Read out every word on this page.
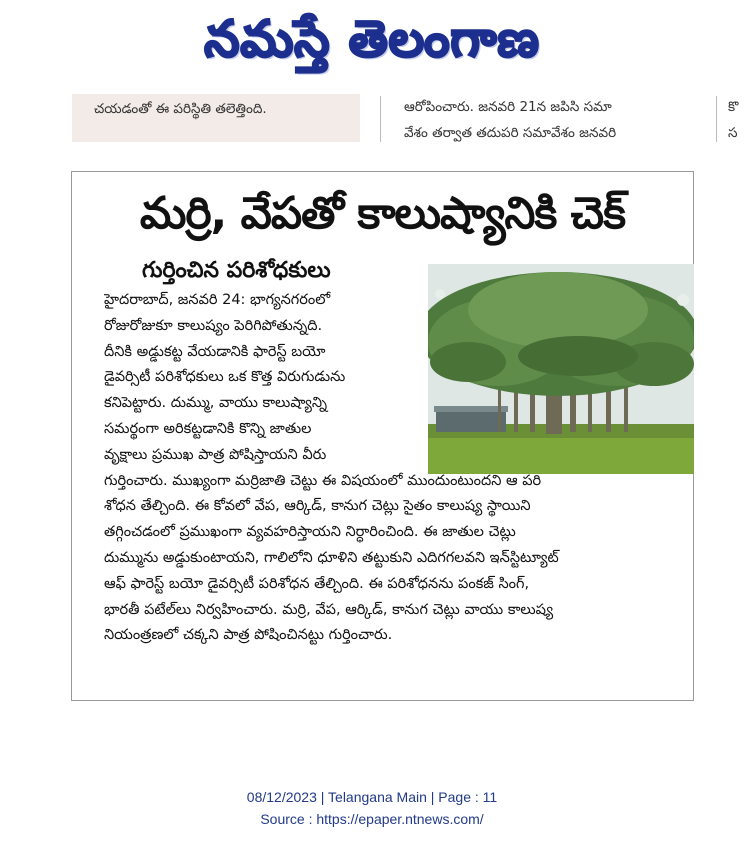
నమస్తే తెలంగాణ
చయడంతో ఈ పరిస్థితి తలెత్తింది.	ఆరోపించారు. జనవరి 21న జపిసి సమా
వేశం తర్వాత తదుపరి సమావేశం జనవరి
కొ
స
మర్రి, వేపతో కాలుష్యానికి చెక్
గుర్తించిన పరిశోధకులు
హైదరాబాద్, జనవరి 24: భాగ్యనగరంలో
రోజురోజుకూ కాలుష్యం పెరిగిపోతున్నది.
దీనికి అడ్డుకట్ట వేయడానికి ఫారెస్ట్ బయో
డైవర్సిటీ పరిశోధకులు ఒక కొత్త విరుగుడును
కనిపెట్టారు. దుమ్ము, వాయు కాలుష్యాన్ని
సమర్థంగా అరికట్టడానికి కొన్ని జాతుల
వృక్షాలు ప్రముఖ పాత్ర పోషిస్తాయని వీరు
గుర్తించారు. ముఖ్యంగా మర్రిజాతి చెట్టు ఈ విషయంలో ముందుంటుందని ఆ పరి
శోధన తేల్చింది. ఈ కోవలో వేప, ఆర్కిడ్, కానుగ చెట్లు సైతం కాలుష్య స్థాయిని
తగ్గించడంలో ప్రముఖంగా వ్యవహరిస్తాయని నిర్ధారించింది. ఈ జాతుల చెట్లు
దుమ్మును అడ్డుకుంటాయని, గాలిలోని ధూళిని తట్టుకుని ఎదిగగలవని ఇన్‌స్టిట్యూట్
ఆఫ్ ఫారెస్ట్ బయో డైవర్సిటీ పరిశోధన తేల్చింది. ఈ పరిశోధనను పంకజ్ సింగ్,
భారతీ పటేల్‌లు నిర్వహించారు. మర్రి, వేప, ఆర్కిడ్, కానుగ చెట్లు వాయు కాలుష్య
నియంత్రణలో చక్కని పాత్ర పోషించినట్టు గుర్తించారు.
08/12/2023 | Telangana Main | Page : 11
Source : https://epaper.ntnews.com/
